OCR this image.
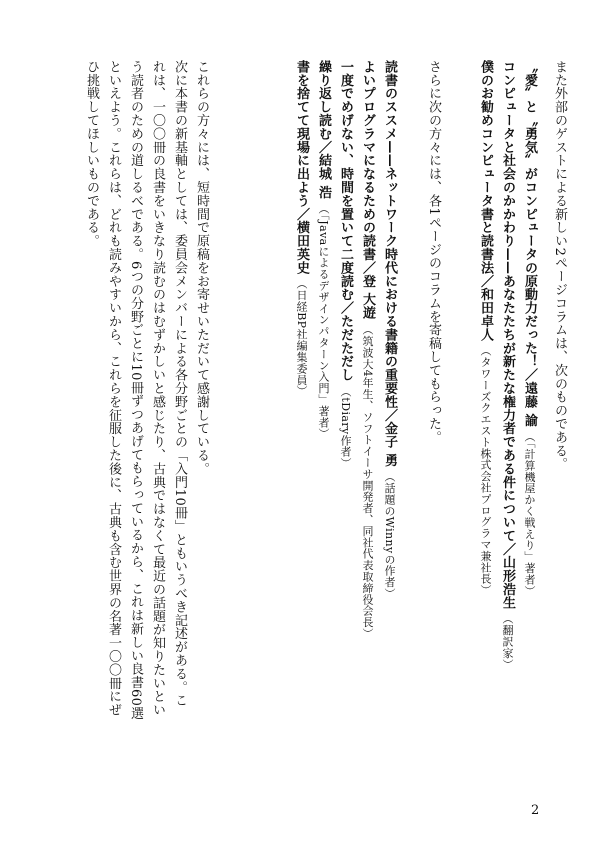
また外部のゲストによる新しい2ページコラムは、次のものである。
〝愛〟と〝勇気〟がコンピュータの原動力だった！／遠藤 諭（「計算機屋かく戦えり」著者）
コンピュータと社会のかかわり——あなたたちが新たな権力者である件について／山形浩生（翻訳家）
僕のお勧めコンピュータ書と読書法／和田卓人（タワーズクエスト株式会社プログラマ兼社長）
さらに次の方々には、各1ページのコラムを寄稿してもらった。
読書のススメ——ネットワーク時代における書籍の重要性／金子 勇（話題のWinnyの作者）
よいプログラマになるための読書／登 大遊（筑波大4年生、ソフトイーサ開発者、同社代表取締役会長）
一度でめげない、時間を置いて二度読む／ただただし（tDiary作者）
繰り返し読む／結城 浩（「Javaによるデザインパターン入門」著者）
書を捨てて現場に出よう／横田英史（日経BP社編集委員）
これらの方々には、短時間で原稿をお寄せいただいて感謝している。
次に本書の新基軸としては、委員会メンバーによる各分野ごとの「入門10冊」ともいうべき記述がある。こ
れは、一〇〇冊の良書をいきなり読むのはむずかしいと感じたり、古典ではなくて最近の話題が知りたいとい
う読者のための道しるべである。6つの分野ごとに10冊ずつあげてもらっているから、これは新しい良書60選
といえよう。これらは、どれも読みやすいから、これらを征服した後に、古典も含む世界の名著一〇〇冊にぜ
ひ挑戦してほしいものである。
2
